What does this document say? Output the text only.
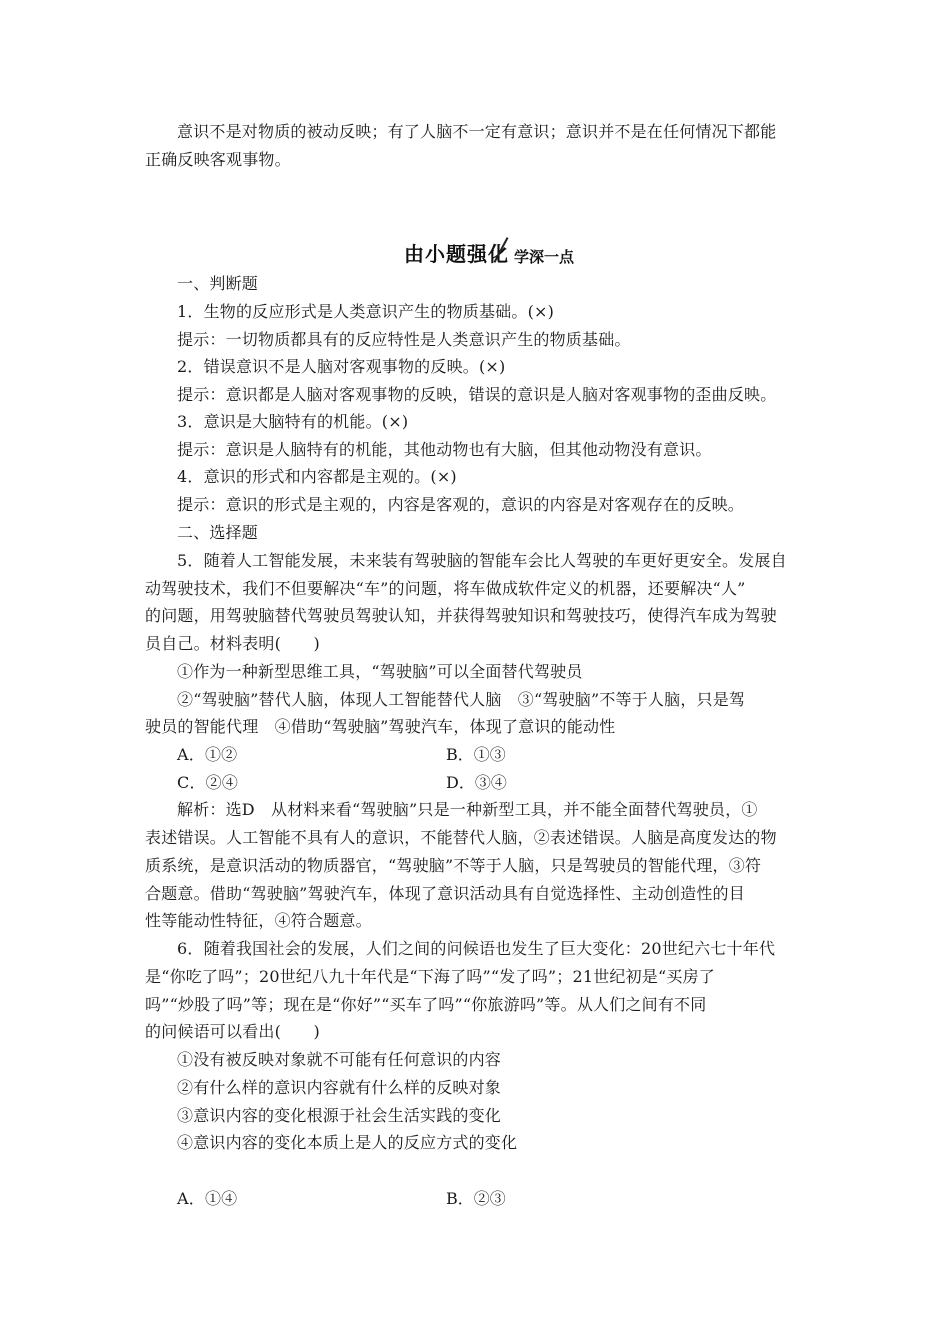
意识不是对物质的被动反映；有了人脑不一定有意识；意识并不是在任何情况下都能
正确反映客观事物。
由小题强化 学深一点
一、判断题
1．生物的反应形式是人类意识产生的物质基础。(×)
提示：一切物质都具有的反应特性是人类意识产生的物质基础。
2．错误意识不是人脑对客观事物的反映。(×)
提示：意识都是人脑对客观事物的反映，错误的意识是人脑对客观事物的歪曲反映。
3．意识是大脑特有的机能。(×)
提示：意识是人脑特有的机能，其他动物也有大脑，但其他动物没有意识。
4．意识的形式和内容都是主观的。(×)
提示：意识的形式是主观的，内容是客观的，意识的内容是对客观存在的反映。
二、选择题
5．随着人工智能发展，未来装有驾驶脑的智能车会比人驾驶的车更好更安全。发展自
动驾驶技术，我们不但要解决“车”的问题，将车做成软件定义的机器，还要解决“人”
的问题，用驾驶脑替代驾驶员驾驶认知，并获得驾驶知识和驾驶技巧，使得汽车成为驾驶
员自己。材料表明(　　)
①作为一种新型思维工具，“驾驶脑”可以全面替代驾驶员
②“驾驶脑”替代人脑，体现人工智能替代人脑　③“驾驶脑”不等于人脑，只是驾
驶员的智能代理　④借助“驾驶脑”驾驶汽车，体现了意识的能动性
A．①②	B．①③
C．②④	D．③④
解析：选D　从材料来看“驾驶脑”只是一种新型工具，并不能全面替代驾驶员，①
表述错误。人工智能不具有人的意识，不能替代人脑，②表述错误。人脑是高度发达的物
质系统，是意识活动的物质器官，“驾驶脑”不等于人脑，只是驾驶员的智能代理，③符
合题意。借助“驾驶脑”驾驶汽车，体现了意识活动具有自觉选择性、主动创造性的目
性等能动性特征，④符合题意。
6．随着我国社会的发展，人们之间的问候语也发生了巨大变化：20世纪六七十年代
是“你吃了吗”；20世纪八九十年代是“下海了吗”“发了吗”；21世纪初是“买房了
吗”“炒股了吗”等；现在是“你好”“买车了吗”“你旅游吗”等。从人们之间有不同
的问候语可以看出(　　)
①没有被反映对象就不可能有任何意识的内容
②有什么样的意识内容就有什么样的反映对象
③意识内容的变化根源于社会生活实践的变化
④意识内容的变化本质上是人的反应方式的变化
A．①④	B．②③
